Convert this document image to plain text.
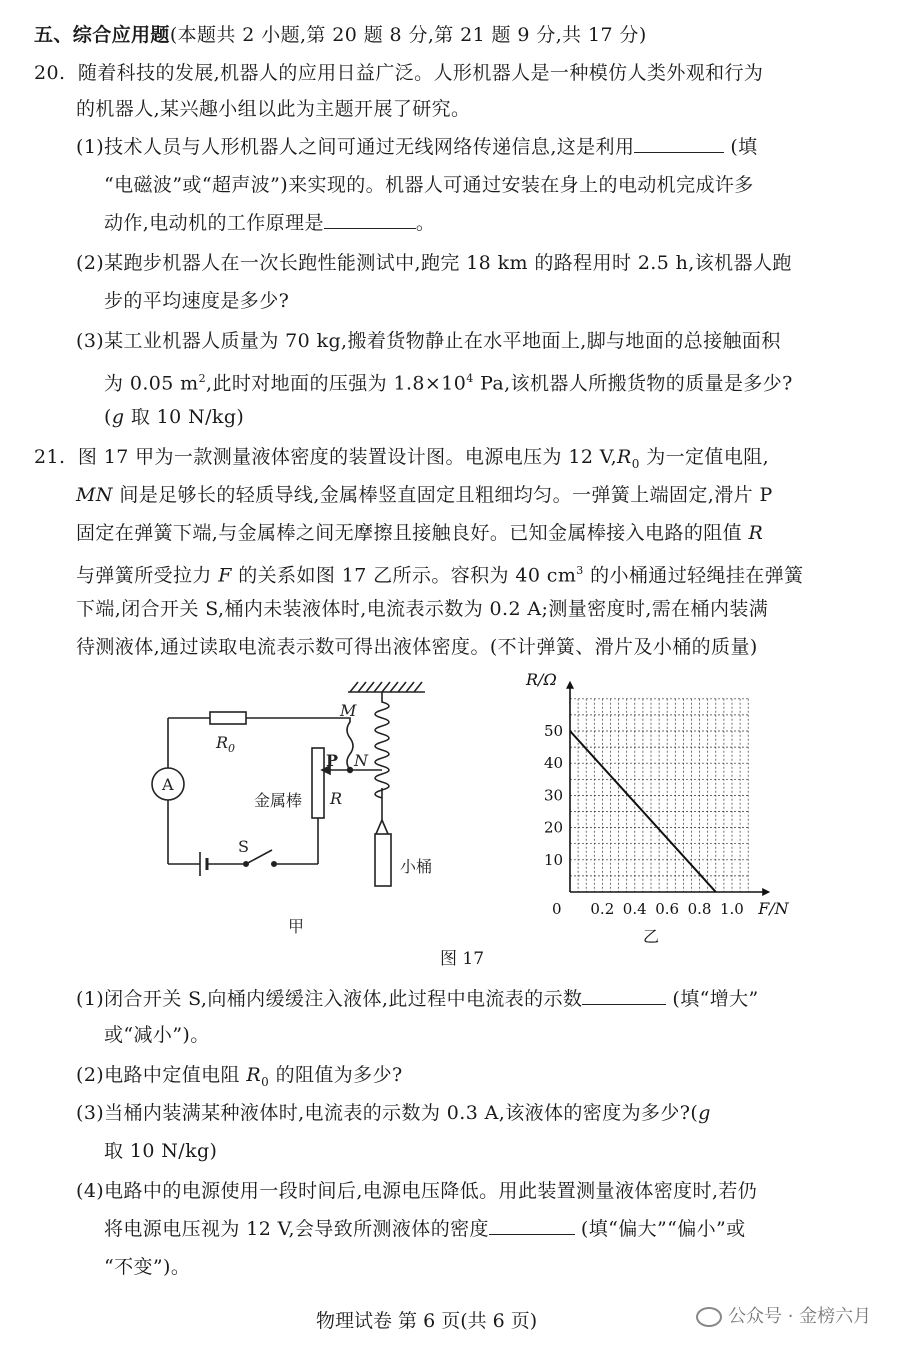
五、综合应用题(本题共 2 小题,第 20 题 8 分,第 21 题 9 分,共 17 分)
20. 随着科技的发展,机器人的应用日益广泛。人形机器人是一种模仿人类外观和行为
的机器人,某兴趣小组以此为主题开展了研究。
(1)技术人员与人形机器人之间可通过无线网络传递信息,这是利用	(填
“电磁波”或“超声波”)来实现的。机器人可通过安装在身上的电动机完成许多
动作,电动机的工作原理是	。
(2)某跑步机器人在一次长跑性能测试中,跑完 18 km 的路程用时 2.5 h,该机器人跑
步的平均速度是多少?
(3)某工业机器人质量为 70 kg,搬着货物静止在水平地面上,脚与地面的总接触面积
为 0.05 $m^2$,此时对地面的压强为 $1.8\times 10^4$ Pa,该机器人所搬货物的质量是多少?
(g 取 10 N/kg)
21. 图 17 甲为一款测量液体密度的装置设计图。电源电压为 12 $V,R_0$ 为一定值电阻,
MN 间是足够长的轻质导线,金属棒竖直固定且粗细均匀。一弹簧上端固定,滑片 P
固定在弹簧下端,与金属棒之间无摩擦且接触良好。已知金属棒接入电路的阻值 R
与弹簧所受拉力 F 的关系如图 17 乙所示。容积为 40 $cm^3$ 的小桶通过轻绳挂在弹簧
下端,闭合开关 S,桶内未装液体时,电流表示数为 0.2 A;测量密度时,需在桶内装满
待测液体,通过读取电流表示数可得出液体密度。(不计弹簧、滑片及小桶的质量)
$R_0$
A
P N
M
金属棒 R
S
小桶
甲
0 0.2 0.4 0.6 0.8 1.0
10
20
30
40
50
R/Ω
F/N
乙
图 17
(1)闭合开关 S,向桶内缓缓注入液体,此过程中电流表的示数	(填“增大”
或“减小”)。
(2)电路中定值电阻 $R_0$ 的阻值为多少?
(3)当桶内装满某种液体时,电流表的示数为 0.3 A,该液体的密度为多少?(g
取 10 N/kg)
(4)电路中的电源使用一段时间后,电源电压降低。用此装置测量液体密度时,若仍
将电源电压视为 12 V,会导致所测液体的密度	(填“偏大”“偏小”或
“不变”)。
物理试卷 第 6 页(共 6 页)	公众号 · 金榜六月
